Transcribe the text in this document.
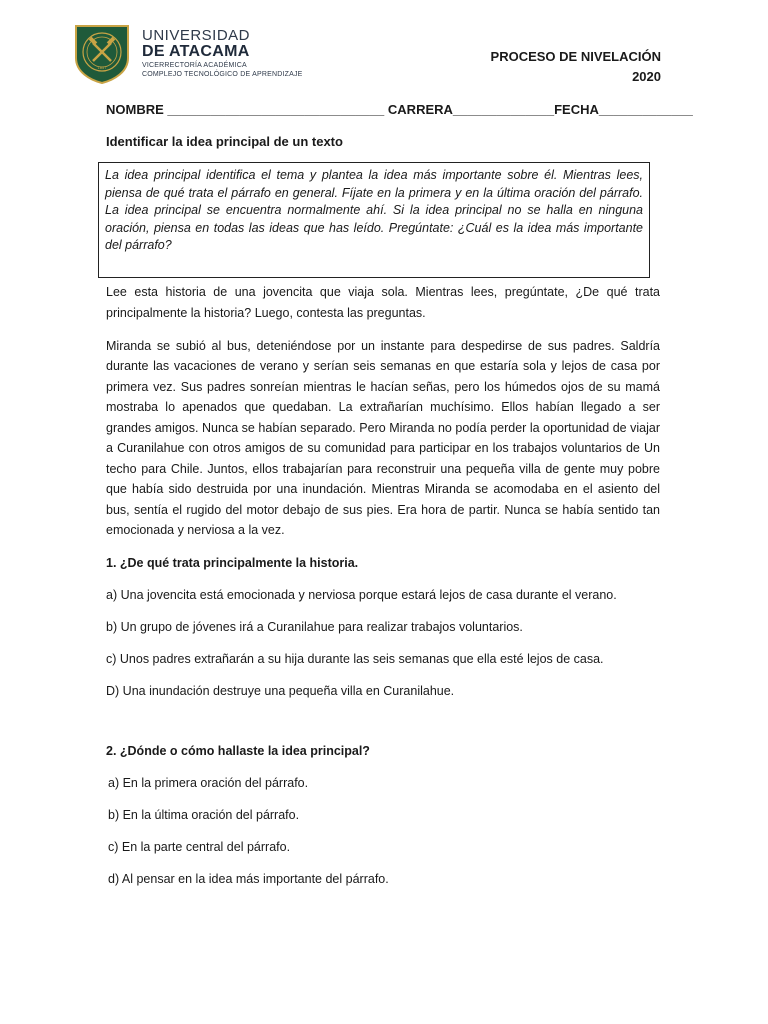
1857
UNIVERSIDAD
DE ATACAMA
VICERRECTORÍA ACADÉMICA
COMPLEJO TECNOLÓGICO DE APRENDIZAJE
PROCESO DE NIVELACIÓN
2020
NOMBRE ______________________________ CARRERA______________FECHA_____________
Identificar la idea principal de un texto
La idea principal identifica el tema y plantea la idea más importante sobre él. Mientras lees, piensa de qué trata el párrafo en general. Fíjate en la primera y en la última oración del párrafo. La idea principal se encuentra normalmente ahí. Si la idea principal no se halla en ninguna oración, piensa en todas las ideas que has leído. Pregúntate: ¿Cuál es la idea más importante del párrafo?
Lee esta historia de una jovencita que viaja sola. Mientras lees, pregúntate, ¿De qué trata principalmente la historia? Luego, contesta las preguntas.
Miranda se subió al bus, deteniéndose por un instante para despedirse de sus padres. Saldría durante las vacaciones de verano y serían seis semanas en que estaría sola y lejos de casa por primera vez. Sus padres sonreían mientras le hacían señas, pero los húmedos ojos de su mamá mostraba lo apenados que quedaban. La extrañarían muchísimo. Ellos habían llegado a ser grandes amigos. Nunca se habían separado. Pero Miranda no podía perder la oportunidad de viajar a Curanilahue con otros amigos de su comunidad para participar en los trabajos voluntarios de Un techo para Chile. Juntos, ellos trabajarían para reconstruir una pequeña villa de gente muy pobre que había sido destruida por una inundación. Mientras Miranda se acomodaba en el asiento del bus, sentía el rugido del motor debajo de sus pies. Era hora de partir. Nunca se había sentido tan emocionada y nerviosa a la vez.
1. ¿De qué trata principalmente la historia.
a) Una jovencita está emocionada y nerviosa porque estará lejos de casa durante el verano.
b) Un grupo de jóvenes irá a Curanilahue para realizar trabajos voluntarios.
c) Unos padres extrañarán a su hija durante las seis semanas que ella esté lejos de casa.
D) Una inundación destruye una pequeña villa en Curanilahue.
2. ¿Dónde o cómo hallaste la idea principal?
a) En la primera oración del párrafo.
b) En la última oración del párrafo.
c) En la parte central del párrafo.
d) Al pensar en la idea más importante del párrafo.
